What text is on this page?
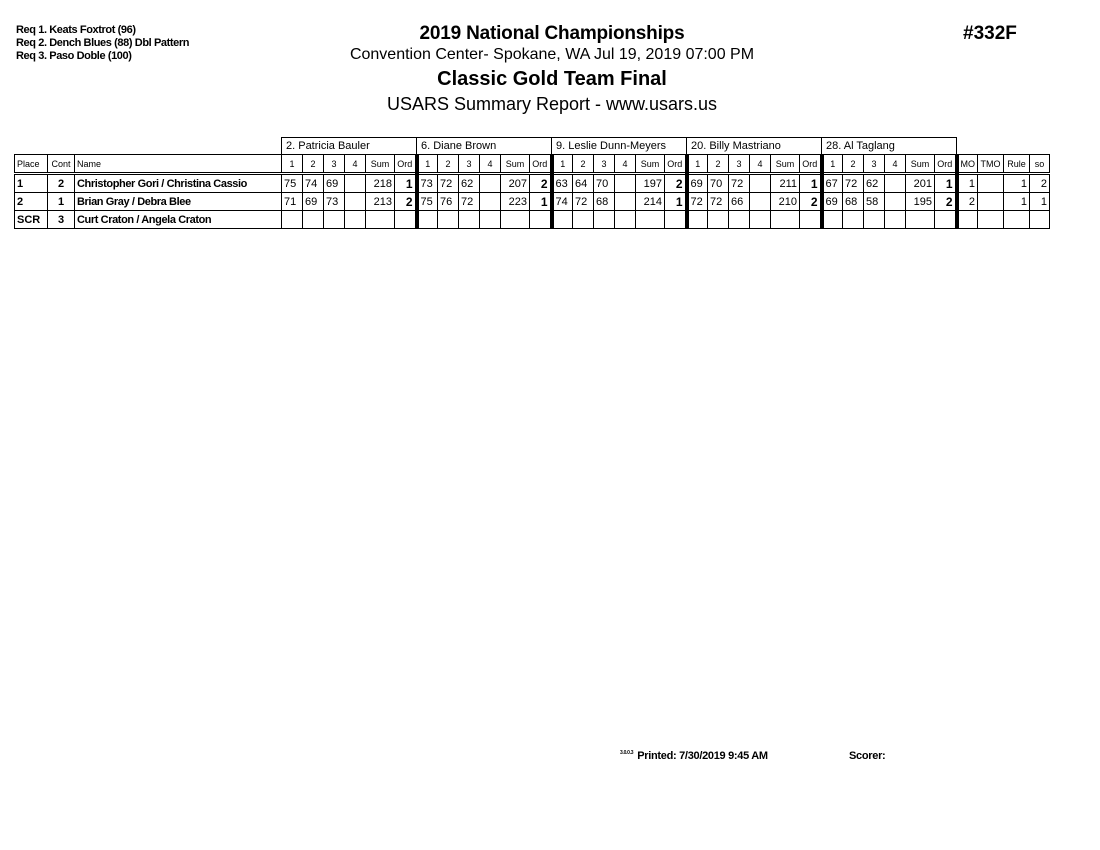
Req 1. Keats Foxtrot (96)
Req 2. Dench Blues (88) Dbl Pattern
Req 3. Paso Doble (100)
2019 National Championships
Convention Center- Spokane, WA Jul 19, 2019 07:00 PM
Classic Gold Team Final
USARS Summary Report - www.usars.us
#332F
			2. Patricia Bauler						6. Diane Brown						9. Leslie Dunn-Meyers						20. Billy Mastriano						28. Al Taglang									
Place	Cont	Name	1	2	3	4	Sum	Ord	1	2	3	4	Sum	Ord	1	2	3	4	Sum	Ord	1	2	3	4	Sum	Ord	1	2	3	4	Sum	Ord	MO	TMO	Rule	so
1	2	Christopher Gori / Christina Cassio	75	74	69		218	1	73	72	62		207	2	63	64	70		197	2	69	70	72		211	1	67	72	62		201	1	1		1	2
2	1	Brian Gray / Debra Blee	71	69	73		213	2	75	76	72		223	1	74	72	68		214	1	72	72	66		210	2	69	68	58		195	2	2		1	1
SCR	3	Curt Craton / Angela Craton																																		
$^{3.0.0.3}$ Printed: 7/30/2019 9:45 AM	Scorer:
